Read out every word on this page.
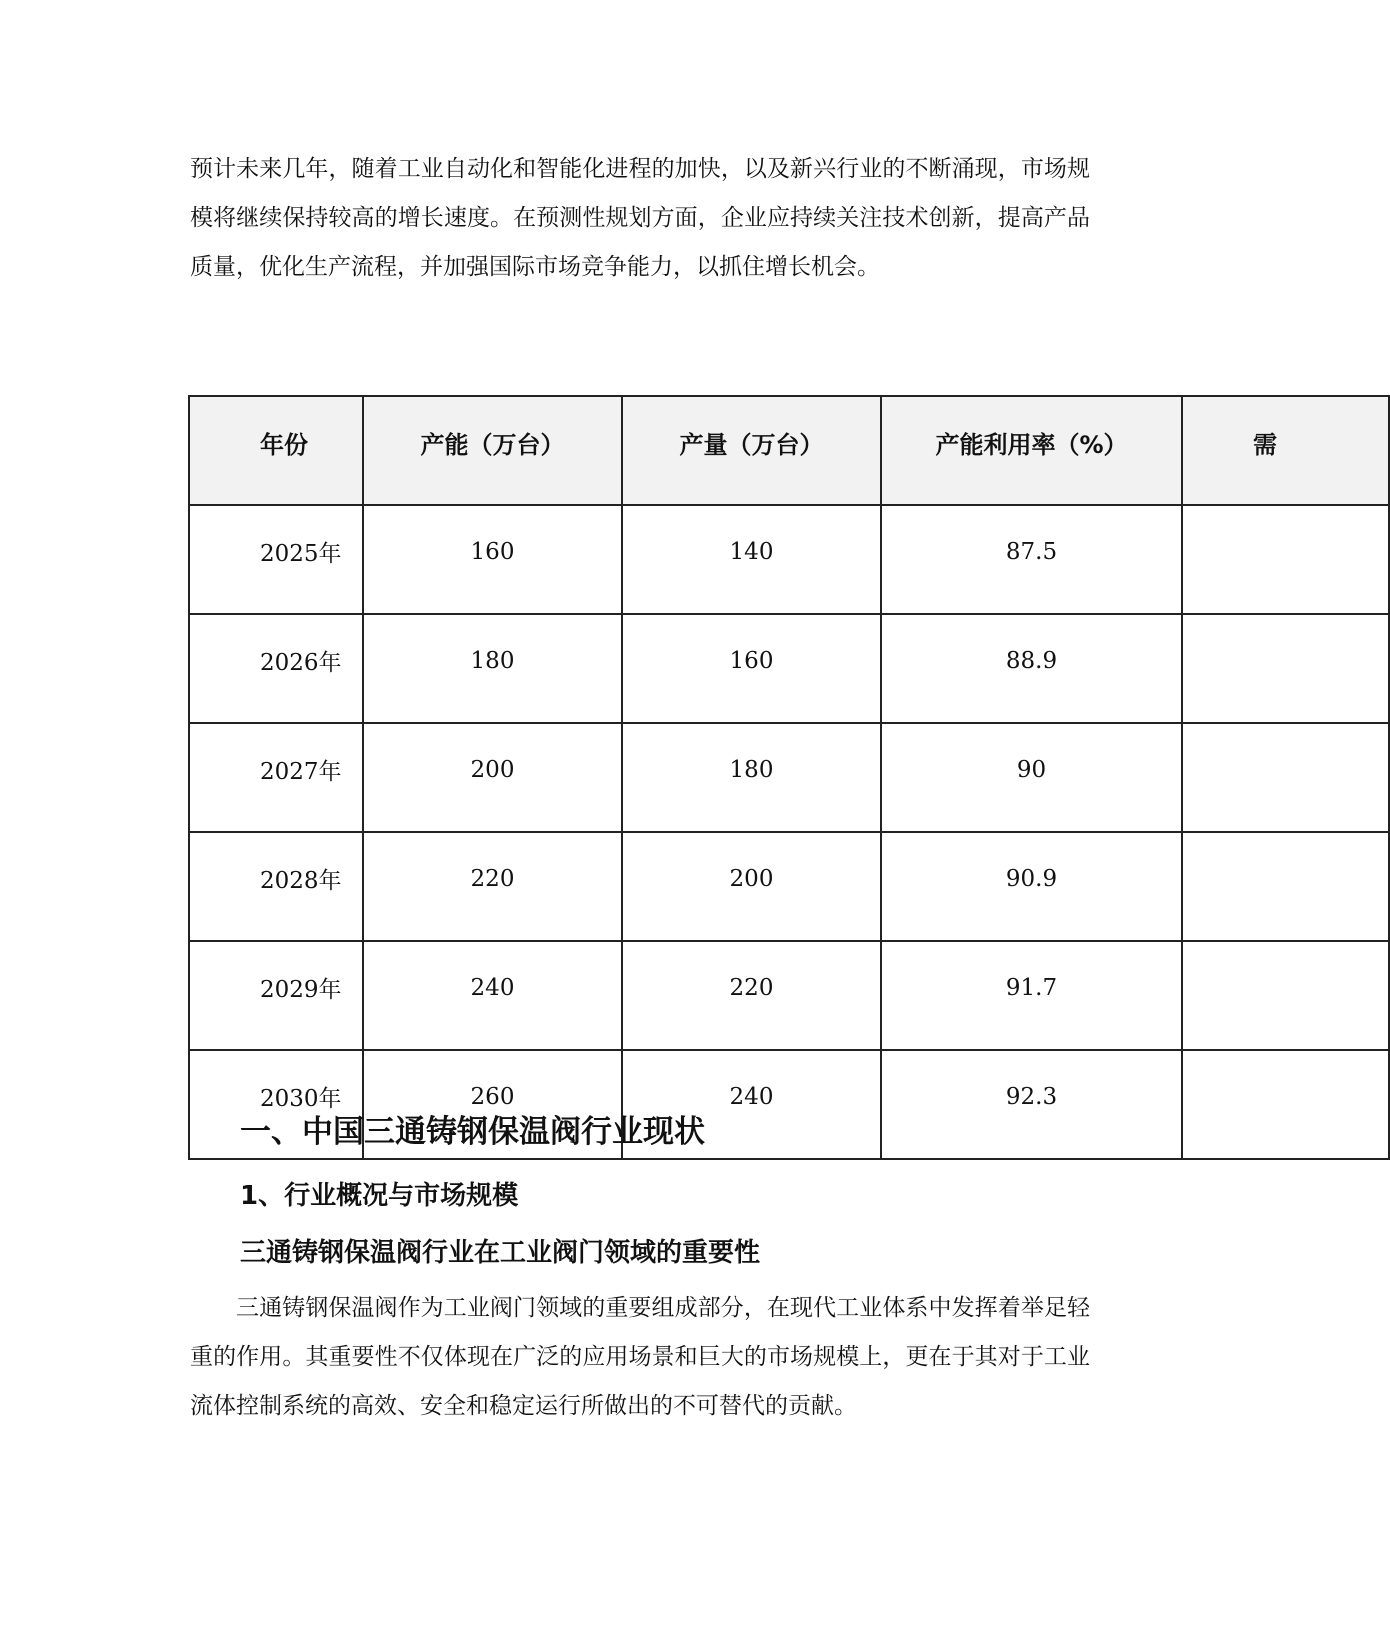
预计未来几年，随着工业自动化和智能化进程的加快，以及新兴行业的不断涌现，市场规模将继续保持较高的增长速度。在预测性规划方面，企业应持续关注技术创新，提高产品质量，优化生产流程，并加强国际市场竞争能力，以抓住增长机会。

年份	产能（万台）	产量（万台）	产能利用率（%）	需
2025年	160	140	87.5	
2026年	180	160	88.9	
2027年	200	180	90	
2028年	220	200	90.9	
2029年	240	220	91.7	
2030年	260	240	92.3	
一、中国三通铸钢保温阀行业现状
1、行业概况与市场规模
三通铸钢保温阀行业在工业阀门领域的重要性

三通铸钢保温阀作为工业阀门领域的重要组成部分，在现代工业体系中发挥着举足轻重的作用。其重要性不仅体现在广泛的应用场景和巨大的市场规模上，更在于其对于工业流体控制系统的高效、安全和稳定运行所做出的不可替代的贡献。
